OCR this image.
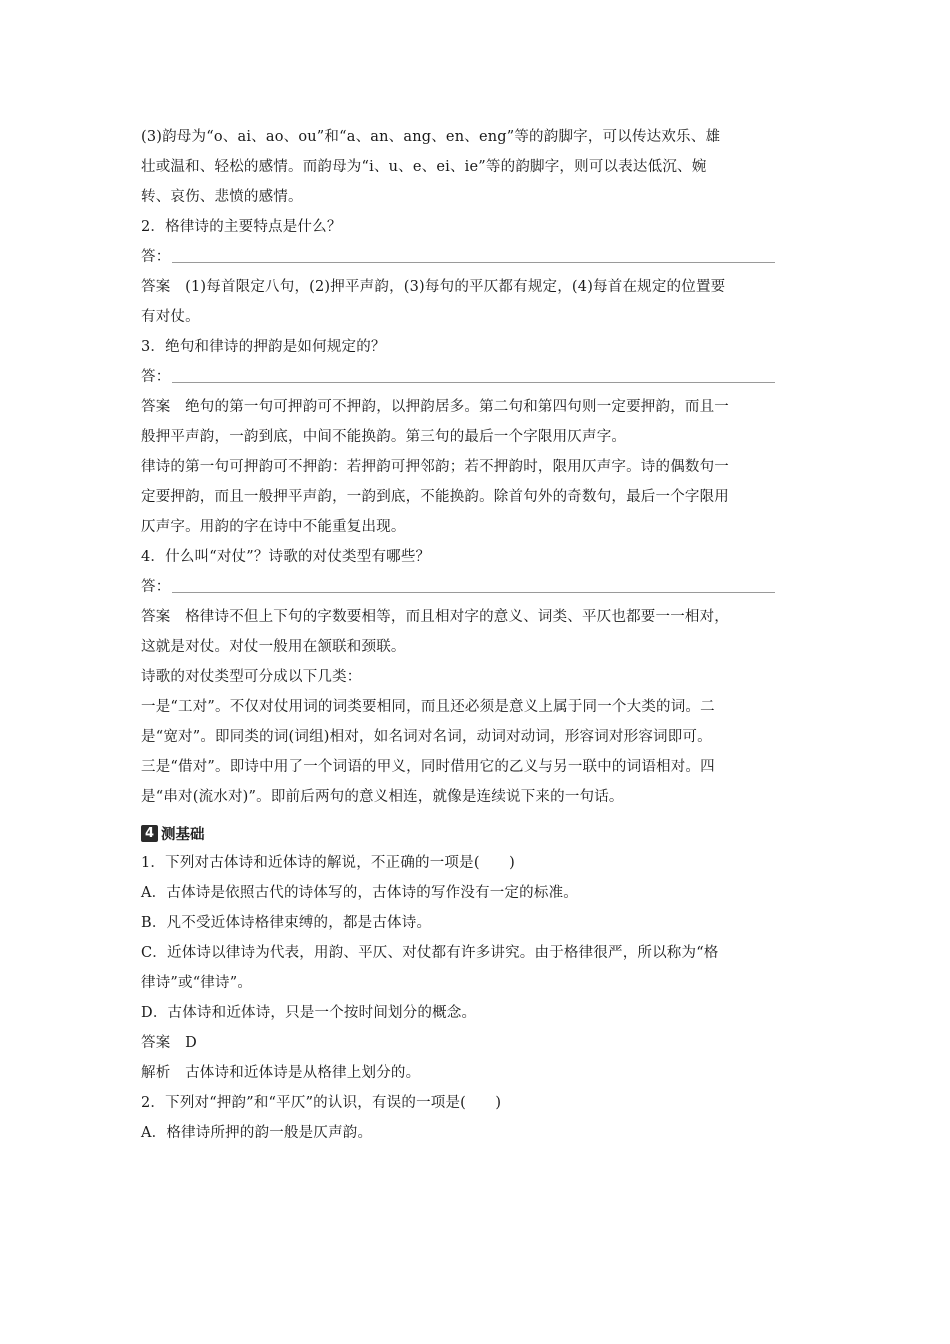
(3)韵母为“o、ai、ao、ou”和“a、an、ang、en、eng”等的韵脚字，可以传达欢乐、雄
壮或温和、轻松的感情。而韵母为“i、u、e、ei、ie”等的韵脚字，则可以表达低沉、婉
转、哀伤、悲愤的感情。
2．格律诗的主要特点是什么？
答：
答案　(1)每首限定八句，(2)押平声韵，(3)每句的平仄都有规定，(4)每首在规定的位置要
有对仗。
3．绝句和律诗的押韵是如何规定的？
答：
答案　绝句的第一句可押韵可不押韵，以押韵居多。第二句和第四句则一定要押韵，而且一
般押平声韵，一韵到底，中间不能换韵。第三句的最后一个字限用仄声字。
律诗的第一句可押韵可不押韵：若押韵可押邻韵；若不押韵时，限用仄声字。诗的偶数句一
定要押韵，而且一般押平声韵，一韵到底，不能换韵。除首句外的奇数句，最后一个字限用
仄声字。用韵的字在诗中不能重复出现。
4．什么叫“对仗”？诗歌的对仗类型有哪些？
答：
答案　格律诗不但上下句的字数要相等，而且相对字的意义、词类、平仄也都要一一相对，
这就是对仗。对仗一般用在颔联和颈联。
诗歌的对仗类型可分成以下几类：
一是“工对”。不仅对仗用词的词类要相同，而且还必须是意义上属于同一个大类的词。二
是“宽对”。即同类的词(词组)相对，如名词对名词，动词对动词，形容词对形容词即可。
三是“借对”。即诗中用了一个词语的甲义，同时借用它的乙义与另一联中的词语相对。四
是“串对(流水对)”。即前后两句的意义相连，就像是连续说下来的一句话。
4 测基础
1．下列对古体诗和近体诗的解说，不正确的一项是(　　)
A．古体诗是依照古代的诗体写的，古体诗的写作没有一定的标准。
B．凡不受近体诗格律束缚的，都是古体诗。
C．近体诗以律诗为代表，用韵、平仄、对仗都有许多讲究。由于格律很严，所以称为“格
律诗”或“律诗”。
D．古体诗和近体诗，只是一个按时间划分的概念。
答案　D
解析　古体诗和近体诗是从格律上划分的。
2．下列对“押韵”和“平仄”的认识，有误的一项是(　　)
A．格律诗所押的韵一般是仄声韵。
